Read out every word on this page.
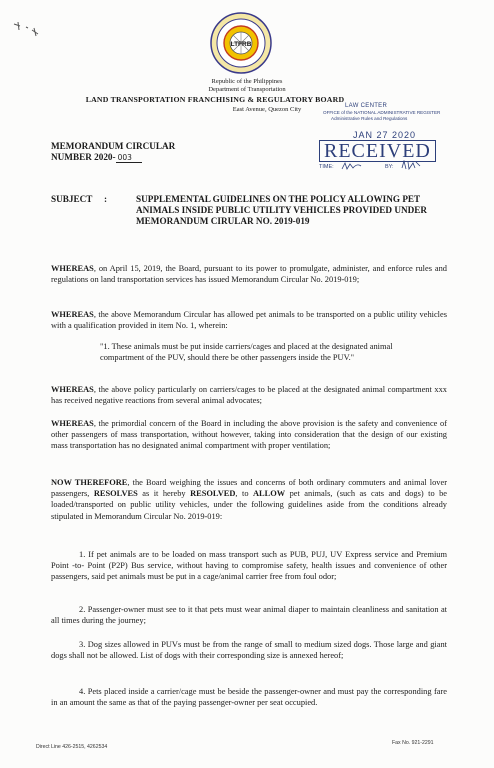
LTFRB
Republic of the Philippines
Department of Transportation
LAND TRANSPORTATION FRANCHISING & REGULATORY BOARD
East Avenue, Quezon City	LAW CENTER
OFFICE of the NATIONAL ADMINISTRATIVE REGISTER
Administrative Rules and Regulations
JAN 27 2020
RECEIVED
TIME:	BY:
MEMORANDUM CIRCULAR
NUMBER 2020- 003
SUBJECT :	SUPPLEMENTAL GUIDELINES ON THE POLICY ALLOWING PET ANIMALS INSIDE PUBLIC UTILITY VEHICLES PROVIDED UNDER MEMORANDUM CIRULAR NO. 2019-019
WHEREAS, on April 15, 2019, the Board, pursuant to its power to promulgate, administer, and enforce rules and regulations on land transportation services has issued Memorandum Circular No. 2019-019;
WHEREAS, the above Memorandum Circular has allowed pet animals to be transported on a public utility vehicles with a qualification provided in item No. 1, wherein:
"1. These animals must be put inside carriers/cages and placed at the designated animal compartment of the PUV, should there be other passengers inside the PUV."
WHEREAS, the above policy particularly on carriers/cages to be placed at the designated animal compartment xxx has received negative reactions from several animal advocates;
WHEREAS, the primordial concern of the Board in including the above provision is the safety and convenience of other passengers of mass transportation, without however, taking into consideration that the design of our existing mass transportation has no designated animal compartment with proper ventilation;
NOW THEREFORE, the Board weighing the issues and concerns of both ordinary commuters and animal lover passengers, RESOLVES as it hereby RESOLVED, to ALLOW pet animals, (such as cats and dogs) to be loaded/transported on public utility vehicles, under the following guidelines aside from the conditions already stipulated in Memorandum Circular No. 2019-019:
1. If pet animals are to be loaded on mass transport such as PUB, PUJ, UV Express service and Premium Point -to- Point (P2P) Bus service, without having to compromise safety, health issues and convenience of other passengers, said pet animals must be put in a cage/animal carrier free from foul odor;
2. Passenger-owner must see to it that pets must wear animal diaper to maintain cleanliness and sanitation at all times during the journey;
3. Dog sizes allowed in PUVs must be from the range of small to medium sized dogs. Those large and giant dogs shall not be allowed. List of dogs with their corresponding size is annexed hereof;
4. Pets placed inside a carrier/cage must be beside the passenger-owner and must pay the corresponding fare in an amount the same as that of the paying passenger-owner per seat occupied.
Direct Line 426-2515, 4262534
Fax No. 921-2291
